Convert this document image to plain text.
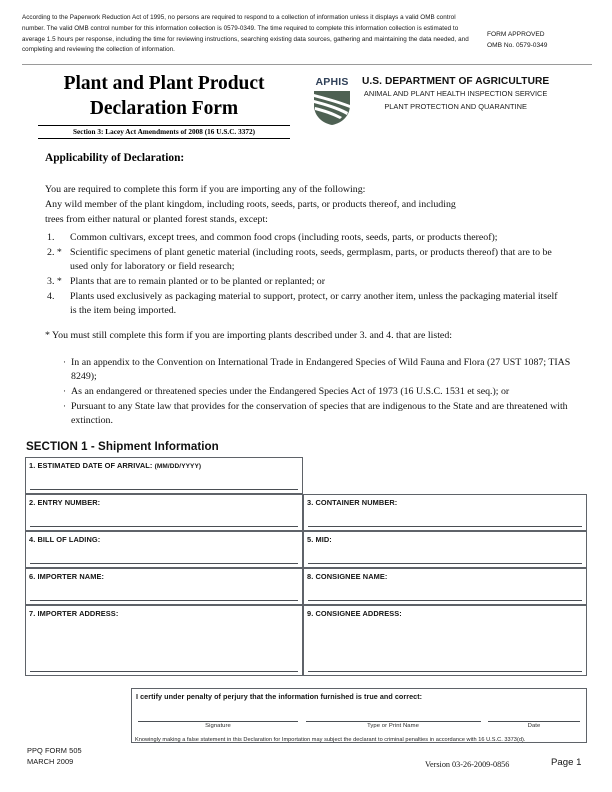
According to the Paperwork Reduction Act of 1995, no persons are required to respond to a collection of information unless it displays a valid OMB control number. The valid OMB control number for this information collection is 0579-0349. The time required to complete this information collection is estimated to average 1.5 hours per response, including the time for reviewing instructions, searching existing data sources, gathering and maintaining the data needed, and completing and reviewing the collection of information.
FORM APPROVED
OMB No. 0579-0349
Plant and Plant Product
Declaration Form
Section 3: Lacey Act Amendments of 2008 (16 U.S.C. 3372)
APHIS U.S. DEPARTMENT OF AGRICULTURE
ANIMAL AND PLANT HEALTH INSPECTION SERVICE
PLANT PROTECTION AND QUARANTINE
Applicability of Declaration:
You are required to complete this form if you are importing any of the following:
Any wild member of the plant kingdom, including roots, seeds, parts, or products thereof, and including
trees from either natural or planted forest stands, except:
1.	Common cultivars, except trees, and common food crops (including roots, seeds, parts, or products thereof);
2. * Scientific specimens of plant genetic material (including roots, seeds, germplasm, parts, or products thereof) that are to be used only for laboratory or field research;
3. * Plants that are to remain planted or to be planted or replanted; or
4.	Plants used exclusively as packaging material to support, protect, or carry another item, unless the packaging material itself is the item being imported.
* You must still complete this form if you are importing plants described under 3. and 4. that are listed:
· In an appendix to the Convention on International Trade in Endangered Species of Wild Fauna and Flora (27 UST 1087; TIAS 8249);
· As an endangered or threatened species under the Endangered Species Act of 1973 (16 U.S.C. 1531 et seq.); or
· Pursuant to any State law that provides for the conservation of species that are indigenous to the State and are threatened with extinction.
SECTION 1 - Shipment Information
1. ESTIMATED DATE OF ARRIVAL: (MM/DD/YYYY)
2. ENTRY NUMBER:	3. CONTAINER NUMBER:
4. BILL OF LADING:	5. MID:
6. IMPORTER NAME:	8. CONSIGNEE NAME:
7. IMPORTER ADDRESS:	9. CONSIGNEE ADDRESS:
I certify under penalty of perjury that the information furnished is true and correct:
Signature	Type or Print Name	Date
Knowingly making a false statement in this Declaration for Importation may subject the declarant to criminal penalties in accordance with 16 U.S.C. 3373(d).
PPQ FORM 505
MARCH 2009	Version 03-26-2009-0856	Page 1
